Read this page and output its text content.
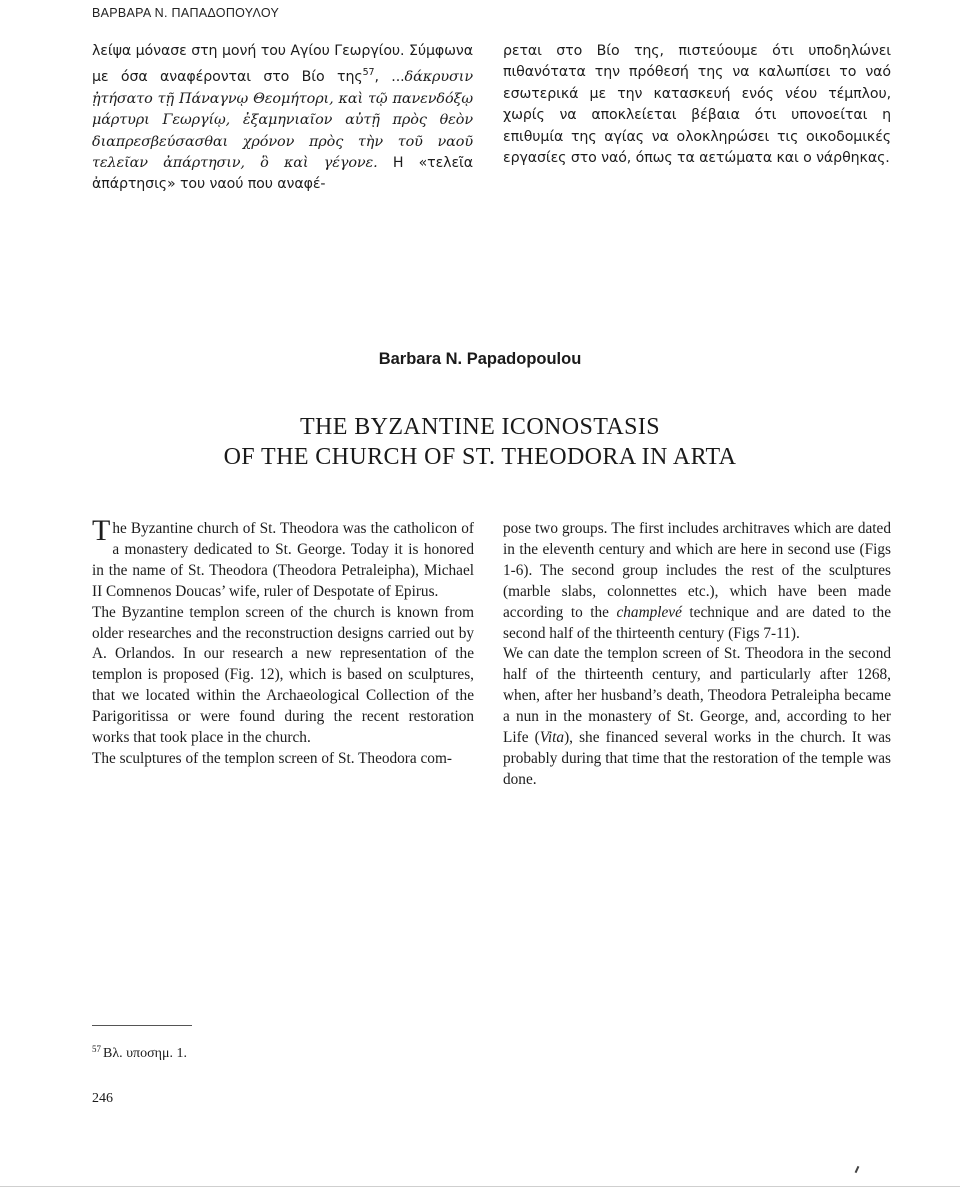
ΒΑΡΒΑΡΑ Ν. ΠΑΠΑΔΟΠΟΥΛΟΥ

λείψα μόνασε στη μονή του Αγίου Γεωργίου. Σύμφωνα με όσα αναφέρονται στο Βίο της$^{57}$, ...δάκρυσιν ᾐτήσατο τῇ Πάναγνῳ Θεομήτορι, καὶ τῷ πανενδόξῳ μάρτυρι Γεωργίῳ, ἐξαμηνιαῖον αὐτῇ πρὸς θεὸν διαπρεσβεύσασθαι χρόνον πρὸς τὴν τοῦ ναοῦ τελεῖαν ἀπάρτησιν, ὃ καὶ γέγονε. Η «τελεῖα ἀπάρτησις» του ναού που αναφέ-

ρεται στο Βίο της, πιστεύουμε ότι υποδηλώνει πιθανότατα την πρόθεσή της να καλωπίσει το ναό εσωτερικά με την κατασκευή ενός νέου τέμπλου, χωρίς να αποκλείεται βέβαια ότι υπονοείται η επιθυμία της αγίας να ολοκληρώσει τις οικοδομικές εργασίες στο ναό, όπως τα αετώματα και ο νάρθηκας.

Barbara N. Papadopoulou
THE BYZANTINE ICONOSTASIS
OF THE CHURCH OF ST. THEODORA IN ARTA

The Byzantine church of St. Theodora was the catholicon of a monastery dedicated to St. George. Today it is honored in the name of St. Theodora (Theodora Petraleipha), Michael II Comnenos Doucas’ wife, ruler of Despotate of Epirus.

The Byzantine templon screen of the church is known from older researches and the reconstruction designs carried out by A. Orlandos. In our research a new representation of the templon is proposed (Fig. 12), which is based on sculptures, that we located within the Archaeological Collection of the Parigoritissa or were found during the recent restoration works that took place in the church.

The sculptures of the templon screen of St. Theodora com-

pose two groups. The first includes architraves which are dated in the eleventh century and which are here in second use (Figs 1-6). The second group includes the rest of the sculptures (marble slabs, colonnettes etc.), which have been made according to the champlevé technique and are dated to the second half of the thirteenth century (Figs 7-11).

We can date the templon screen of St. Theodora in the second half of the thirteenth century, and particularly after 1268, when, after her husband’s death, Theodora Petraleipha became a nun in the monastery of St. George, and, according to her Life (Vita), she financed several works in the church. It was probably during that time that the restoration of the temple was done.

$^{57}$ Βλ. υποσημ. 1.
246
